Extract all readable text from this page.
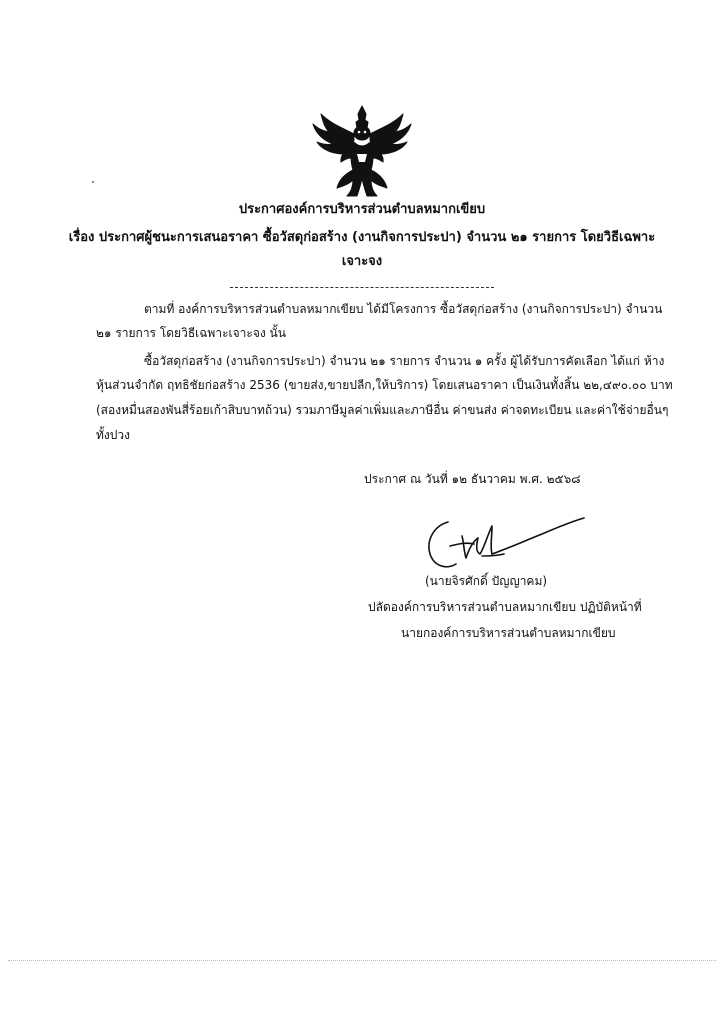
ประกาศองค์การบริหารส่วนตำบลหมากเขียบ
เรื่อง ประกาศผู้ชนะการเสนอราคา ซื้อวัสดุก่อสร้าง (งานกิจการประปา) จำนวน ๒๑ รายการ โดยวิธีเฉพาะ
เจาะจง
ตามที่ องค์การบริหารส่วนตำบลหมากเขียบ ได้มีโครงการ ซื้อวัสดุก่อสร้าง (งานกิจการประปา) จำนวน
๒๑ รายการ โดยวิธีเฉพาะเจาะจง นั้น
ซื้อวัสดุก่อสร้าง (งานกิจการประปา) จำนวน ๒๑ รายการ จำนวน ๑ ครั้ง ผู้ได้รับการคัดเลือก ได้แก่ ห้าง
หุ้นส่วนจำกัด ฤทธิชัยก่อสร้าง 2536 (ขายส่ง,ขายปลีก,ให้บริการ) โดยเสนอราคา เป็นเงินทั้งสิ้น ๒๒,๔๙๐.๐๐ บาท
(สองหมื่นสองพันสี่ร้อยเก้าสิบบาทถ้วน) รวมภาษีมูลค่าเพิ่มและภาษีอื่น ค่าขนส่ง ค่าจดทะเบียน และค่าใช้จ่ายอื่นๆ
ทั้งปวง
ประกาศ ณ วันที่ ๑๒ ธันวาคม พ.ศ. ๒๕๖๘
(นายจิรศักดิ์ ปัญญาคม)
ปลัดองค์การบริหารส่วนตำบลหมากเขียบ ปฏิบัติหน้าที่
นายกองค์การบริหารส่วนตำบลหมากเขียบ
